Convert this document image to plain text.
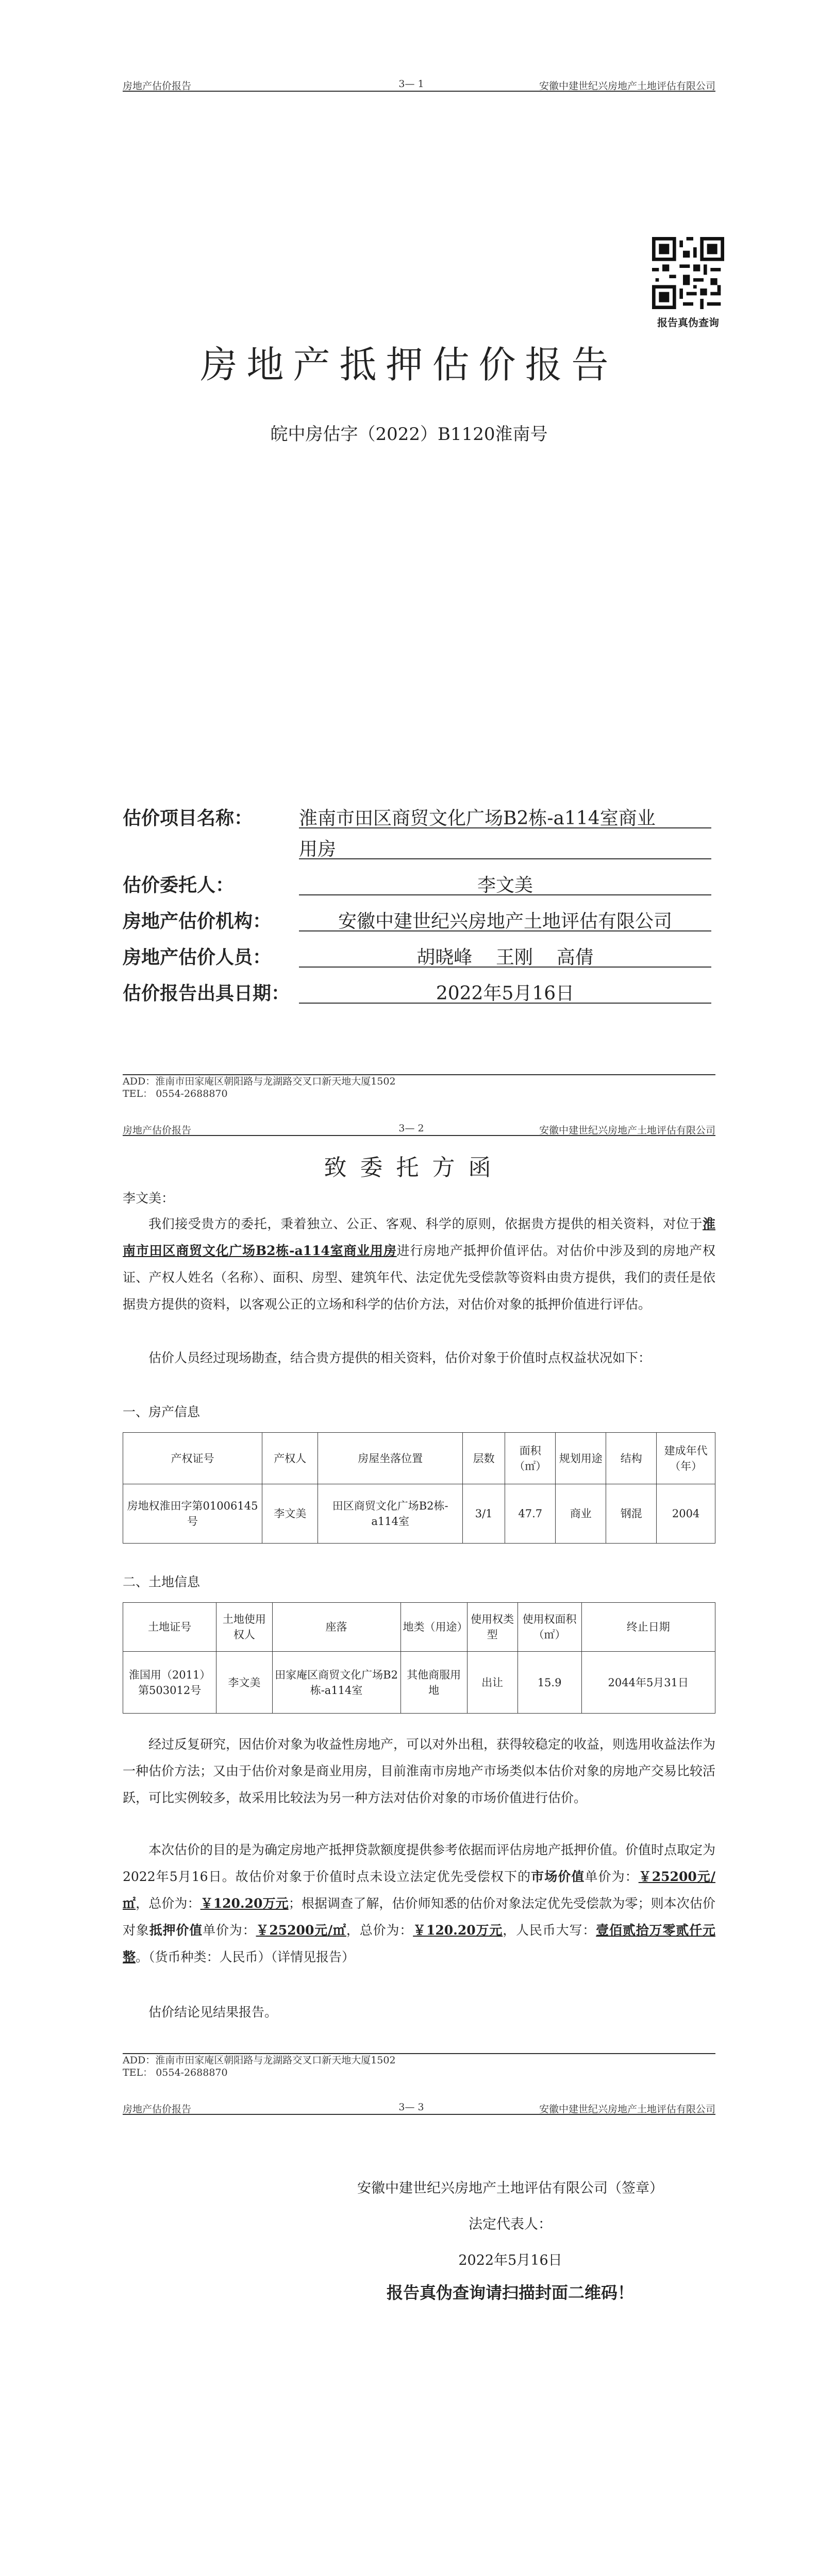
房地产估价报告	3— 1	安徽中建世纪兴房地产土地评估有限公司
报告真伪查询
房地产抵押估价报告
皖中房估字（2022）B1120淮南号
估价项目名称： 淮南市田区商贸文化广场B2栋-a114室商业
用房
估价委托人：	李文美
房地产估价机构：	安徽中建世纪兴房地产土地评估有限公司
房地产估价人员：	胡晓峰    王刚    高倩
估价报告出具日期：	2022年5月16日
ADD：淮南市田家庵区朝阳路与龙湖路交叉口新天地大厦1502
TEL： 0554-2688870
房地产估价报告	3— 2	安徽中建世纪兴房地产土地评估有限公司
致 委 托 方 函
李文美：
我们接受贵方的委托，秉着独立、公正、客观、科学的原则，依据贵方提供的相关资料，对位于淮南市田区商贸文化广场B2栋-a114室商业用房进行房地产抵押价值评估。对估价中涉及到的房地产权证、产权人姓名（名称）、面积、房型、建筑年代、法定优先受偿款等资料由贵方提供，我们的责任是依据贵方提供的资料，以客观公正的立场和科学的估价方法，对估价对象的抵押价值进行评估。
估价人员经过现场勘查，结合贵方提供的相关资料，估价对象于价值时点权益状况如下：
一、房产信息
产权证号	产权人	房屋坐落位置	层数	面积（㎡）	规划用途	结构	建成年代（年）
房地权淮田字第01006145号	李文美	田区商贸文化广场B2栋-a114室	3/1	47.7	商业	钢混	2004
二、土地信息
土地证号	土地使用权人	座落	地类（用途）	使用权类型	使用权面积（㎡）	终止日期
淮国用（2011）第503012号	李文美	田家庵区商贸文化广场B2栋-a114室	其他商服用地	出让	15.9	2044年5月31日
经过反复研究，因估价对象为收益性房地产，可以对外出租，获得较稳定的收益，则选用收益法作为一种估价方法；又由于估价对象是商业用房，目前淮南市房地产市场类似本估价对象的房地产交易比较活跃，可比实例较多，故采用比较法为另一种方法对估价对象的市场价值进行估价。
本次估价的目的是为确定房地产抵押贷款额度提供参考依据而评估房地产抵押价值。价值时点取定为2022年5月16日。故估价对象于价值时点未设立法定优先受偿权下的市场价值单价为：￥25200元/㎡，总价为：￥120.20万元；根据调查了解，估价师知悉的估价对象法定优先受偿款为零；则本次估价对象抵押价值单价为：￥25200元/㎡，总价为：￥120.20万元，人民币大写：壹佰贰拾万零贰仟元整。（货币种类：人民币）（详情见报告）
估价结论见结果报告。
ADD：淮南市田家庵区朝阳路与龙湖路交叉口新天地大厦1502
TEL： 0554-2688870
房地产估价报告	3— 3	安徽中建世纪兴房地产土地评估有限公司
安徽中建世纪兴房地产土地评估有限公司（签章）
法定代表人：
2022年5月16日
报告真伪查询请扫描封面二维码！
